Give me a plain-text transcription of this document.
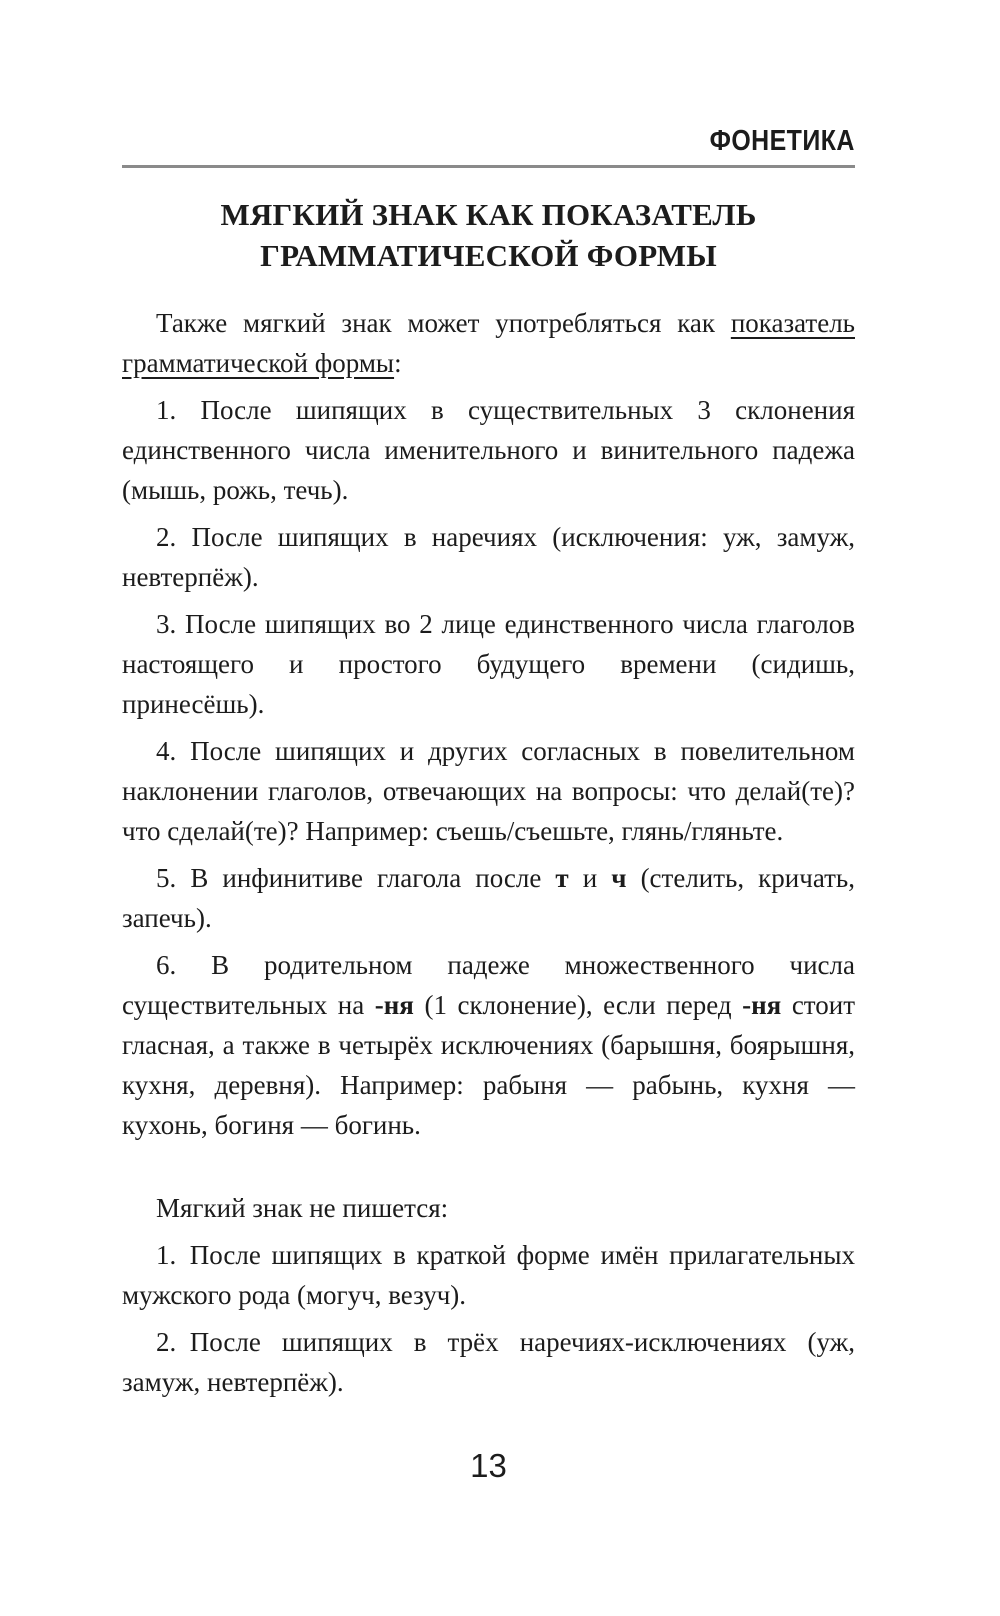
ФОНЕТИКА
МЯГКИЙ ЗНАК КАК ПОКАЗАТЕЛЬ
ГРАММАТИЧЕСКОЙ ФОРМЫ

Также мягкий знак может употребляться как показатель грамматической формы:

1. После шипящих в существительных 3 склонения единственного числа именительного и винительного падежа (мышь, рожь, течь).

2. После шипящих в наречиях (исключения: уж, замуж, невтерпёж).

3. После шипящих во 2 лице единственного числа глаголов настоящего и простого будущего времени (сидишь, принесёшь).

4. После шипящих и других согласных в повелительном наклонении глаголов, отвечающих на вопросы: что делай(те)? что сделай(те)? Например: съешь/съешьте, глянь/гляньте.

5. В инфинитиве глагола после т и ч (стелить, кричать, запечь).

6. В родительном падеже множественного числа существительных на -ня (1 склонение), если перед -ня стоит гласная, а также в четырёх исключениях (барышня, боярышня, кухня, деревня). Например: рабыня — рабынь, кухня — кухонь, богиня — богинь.

Мягкий знак не пишется:

1. После шипящих в краткой форме имён прилагательных мужского рода (могуч, везуч).

2. После шипящих в трёх наречиях-исключениях (уж, замуж, невтерпёж).

13
